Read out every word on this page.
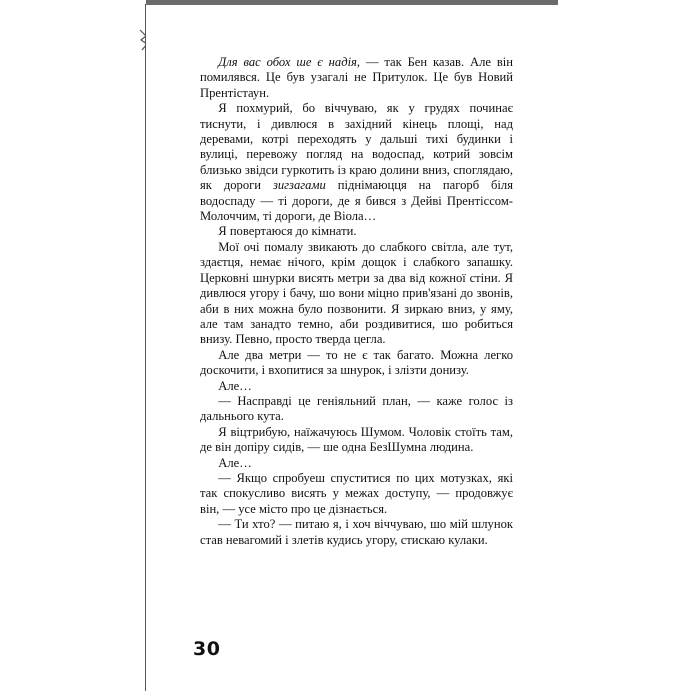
Для вас обох ше є надія, — так Бен казав. Але він помилявся. Це був узагалі не Притулок. Це був Новий Прентістаун.

Я похмурий, бо віччуваю, як у грудях починає тиснути, і дивлюся в західний кінець площі, над деревами, котрі переходять у дальші тихі будинки і вулиці, перевожу погляд на водоспад, котрий зовсім близько звідси гуркотить із краю долини вниз, споглядаю, як дороги зигзагами піднімаюцця на пагорб біля водоспаду — ті дороги, де я бився з Дейві Прентіссом-Молоччим, ті дороги, де Віола…

Я повертаюся до кімнати.

Мої очі помалу звикають до слабкого світла, але тут, здаєтця, немає нічого, крім дощок і слабкого запашку. Церковні шнурки висять метри за два від кожної стіни. Я дивлюся угору і бачу, шо вони міцно прив'язані до звонів, аби в них можна було позвонити. Я зиркаю вниз, у яму, але там занадто темно, аби роздивитися, шо робиться внизу. Певно, просто тверда цегла.

Але два метри — то не є так багато. Можна легко доскочити, і вхопитися за шнурок, і злізти донизу.

Але…

— Насправді це геніяльний план, — каже голос із дальнього кута.

Я віцтрибую, наїжачуюсь Шумом. Чоловік стоїть там, де він допіру сидів, — ше одна БезШумна людина.

Але…

— Якщо спробуеш спуститися по цих мотузках, які так спокусливо висять у межах доступу, — продовжує він, — усе місто про це дізнається.

— Ти хто? — питаю я, і хоч віччуваю, шо мій шлунок став невагомий і злетів кудись угору, стискаю кулаки.

30
